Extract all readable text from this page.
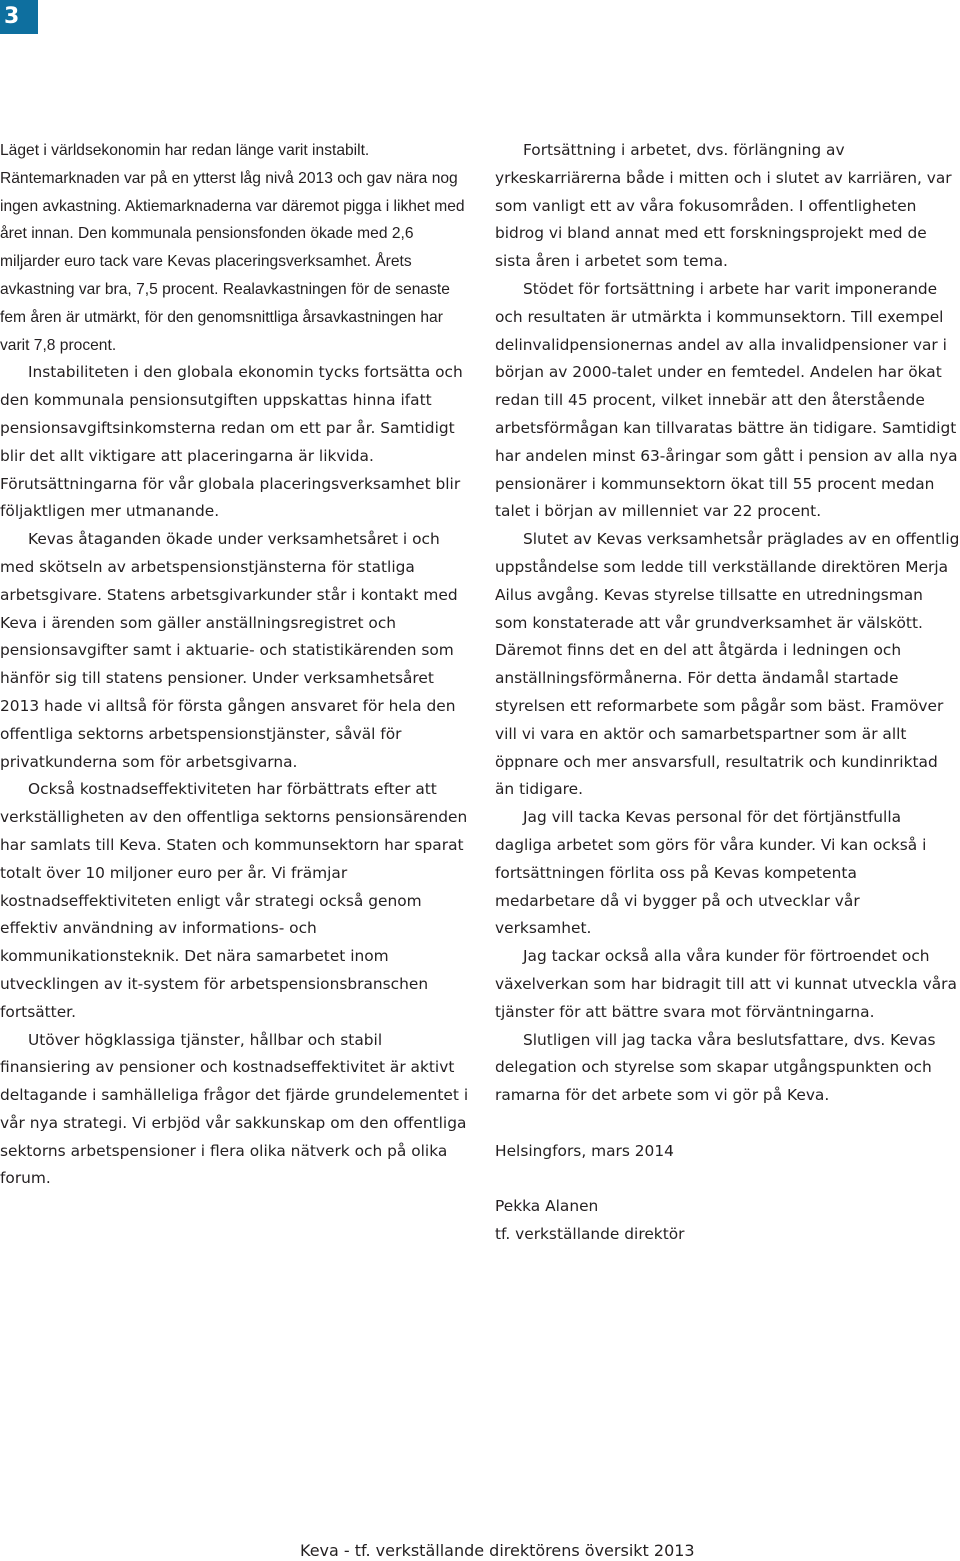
3

Läget i världsekonomin har redan länge varit instabilt. Räntemarknaden var på en ytterst låg nivå 2013 och gav nära nog ingen avkastning. Aktiemarknaderna var däremot pigga i likhet med året innan. Den kommunala pensionsfonden ökade med 2,6 miljarder euro tack vare Kevas placeringsverksamhet. Årets avkastning var bra, 7,5 procent. Realavkastningen för de senaste fem åren är utmärkt, för den genomsnittliga årsavkastningen har varit 7,8 procent.

Instabiliteten i den globala ekonomin tycks fortsätta och den kommunala pensionsutgiften uppskattas hinna ifatt pensionsavgiftsinkomsterna redan om ett par år. Samtidigt blir det allt viktigare att placeringarna är likvida. Förutsättningarna för vår globala placeringsverksamhet blir följaktligen mer utmanande.

Kevas åtaganden ökade under verksamhetsåret i och med skötseln av arbetspensionstjänsterna för statliga arbetsgivare. Statens arbetsgivarkunder står i kontakt med Keva i ärenden som gäller anställningsregistret och pensionsavgifter samt i aktuarie- och statistikärenden som hänför sig till statens pensioner. Under verksamhetsåret 2013 hade vi alltså för första gången ansvaret för hela den offentliga sektorns arbetspensionstjänster, såväl för privatkunderna som för arbetsgivarna.

Också kostnadseffektiviteten har förbättrats efter att verkställigheten av den offentliga sektorns pensionsärenden har samlats till Keva. Staten och kommunsektorn har sparat totalt över 10 miljoner euro per år. Vi främjar kostnadseffektiviteten enligt vår strategi också genom effektiv användning av informations- och kommunikationsteknik. Det nära samarbetet inom utvecklingen av it-system för arbetspensionsbranschen fortsätter.

Utöver högklassiga tjänster, hållbar och stabil finansiering av pensioner och kostnadseffektivitet är aktivt deltagande i samhälleliga frågor det fjärde grundelementet i vår nya strategi. Vi erbjöd vår sakkunskap om den offentliga sektorns arbetspensioner i flera olika nätverk och på olika forum.

Fortsättning i arbetet, dvs. förlängning av yrkeskarriärerna både i mitten och i slutet av karriären, var som vanligt ett av våra fokusområden. I offentligheten bidrog vi bland annat med ett forskningsprojekt med de sista åren i arbetet som tema.

Stödet för fortsättning i arbete har varit imponerande och resultaten är utmärkta i kommunsektorn. Till exempel delinvalidpensionernas andel av alla invalidpensioner var i början av 2000-talet under en femtedel. Andelen har ökat redan till 45 procent, vilket innebär att den återstående arbetsförmågan kan tillvaratas bättre än tidigare. Samtidigt har andelen minst 63-åringar som gått i pension av alla nya pensionärer i kommunsektorn ökat till 55 procent medan talet i början av millenniet var 22 procent.

Slutet av Kevas verksamhetsår präglades av en offentlig uppståndelse som ledde till verkställande direktören Merja Ailus avgång. Kevas styrelse tillsatte en utredningsman som konstaterade att vår grundverksamhet är välskött. Däremot finns det en del att åtgärda i ledningen och anställningsförmånerna. För detta ändamål startade styrelsen ett reformarbete som pågår som bäst. Framöver vill vi vara en aktör och samarbetspartner som är allt öppnare och mer ansvarsfull, resultatrik och kundinriktad än tidigare.

Jag vill tacka Kevas personal för det förtjänstfulla dagliga arbetet som görs för våra kunder. Vi kan också i fortsättningen förlita oss på Kevas kompetenta medarbetare då vi bygger på och utvecklar vår verksamhet.

Jag tackar också alla våra kunder för förtroendet och växelverkan som har bidragit till att vi kunnat utveckla våra tjänster för att bättre svara mot förväntningarna.

Slutligen vill jag tacka våra beslutsfattare, dvs. Kevas delegation och styrelse som skapar utgångspunkten och ramarna för det arbete som vi gör på Keva.

Helsingfors, mars 2014

Pekka Alanen

tf. verkställande direktör

Keva - tf. verkställande direktörens översikt 2013
